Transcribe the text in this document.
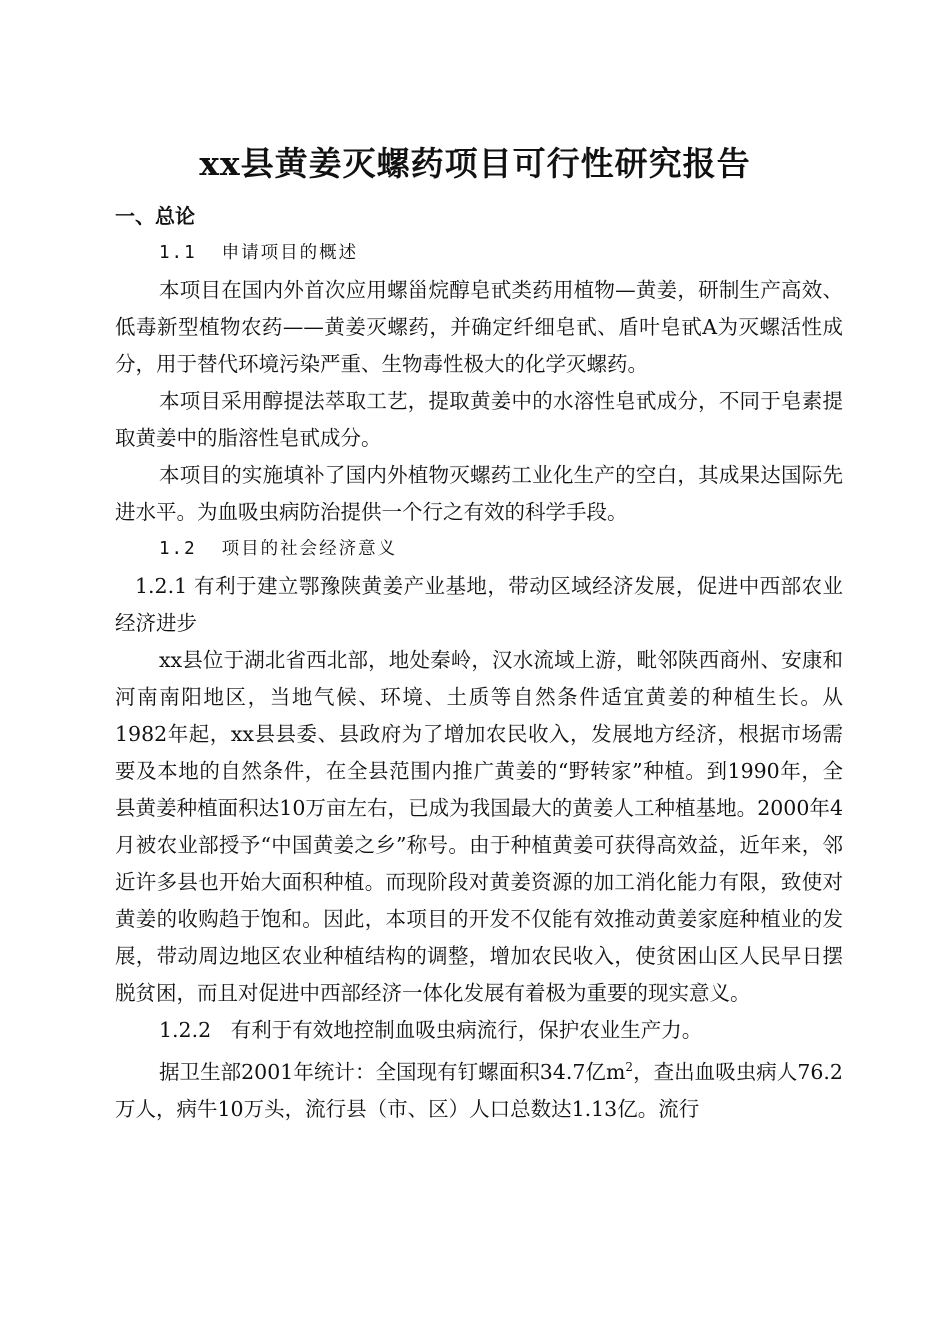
xx县黄姜灭螺药项目可行性研究报告

一、总论

1.1  申请项目的概述

本项目在国内外首次应用螺甾烷醇皂甙类药用植物—黄姜，研制生产高效、低毒新型植物农药——黄姜灭螺药，并确定纤细皂甙、盾叶皂甙A为灭螺活性成分，用于替代环境污染严重、生物毒性极大的化学灭螺药。

本项目采用醇提法萃取工艺，提取黄姜中的水溶性皂甙成分，不同于皂素提取黄姜中的脂溶性皂甙成分。

本项目的实施填补了国内外植物灭螺药工业化生产的空白，其成果达国际先进水平。为血吸虫病防治提供一个行之有效的科学手段。

1.2  项目的社会经济意义

1.2.1 有利于建立鄂豫陕黄姜产业基地，带动区域经济发展，促进中西部农业经济进步

xx县位于湖北省西北部，地处秦岭，汉水流域上游，毗邻陕西商州、安康和河南南阳地区，当地气候、环境、土质等自然条件适宜黄姜的种植生长。从1982年起，xx县县委、县政府为了增加农民收入，发展地方经济，根据市场需要及本地的自然条件，在全县范围内推广黄姜的“野转家”种植。到1990年，全县黄姜种植面积达10万亩左右，已成为我国最大的黄姜人工种植基地。2000年4月被农业部授予“中国黄姜之乡”称号。由于种植黄姜可获得高效益，近年来，邻近许多县也开始大面积种植。而现阶段对黄姜资源的加工消化能力有限，致使对黄姜的收购趋于饱和。因此，本项目的开发不仅能有效推动黄姜家庭种植业的发展，带动周边地区农业种植结构的调整，增加农民收入，使贫困山区人民早日摆脱贫困，而且对促进中西部经济一体化发展有着极为重要的现实意义。

1.2.2   有利于有效地控制血吸虫病流行，保护农业生产力。

据卫生部2001年统计：全国现有钉螺面积34.7亿$m^2$，查出血吸虫病人76.2万人，病牛10万头，流行县（市、区）人口总数达1.13亿。流行
